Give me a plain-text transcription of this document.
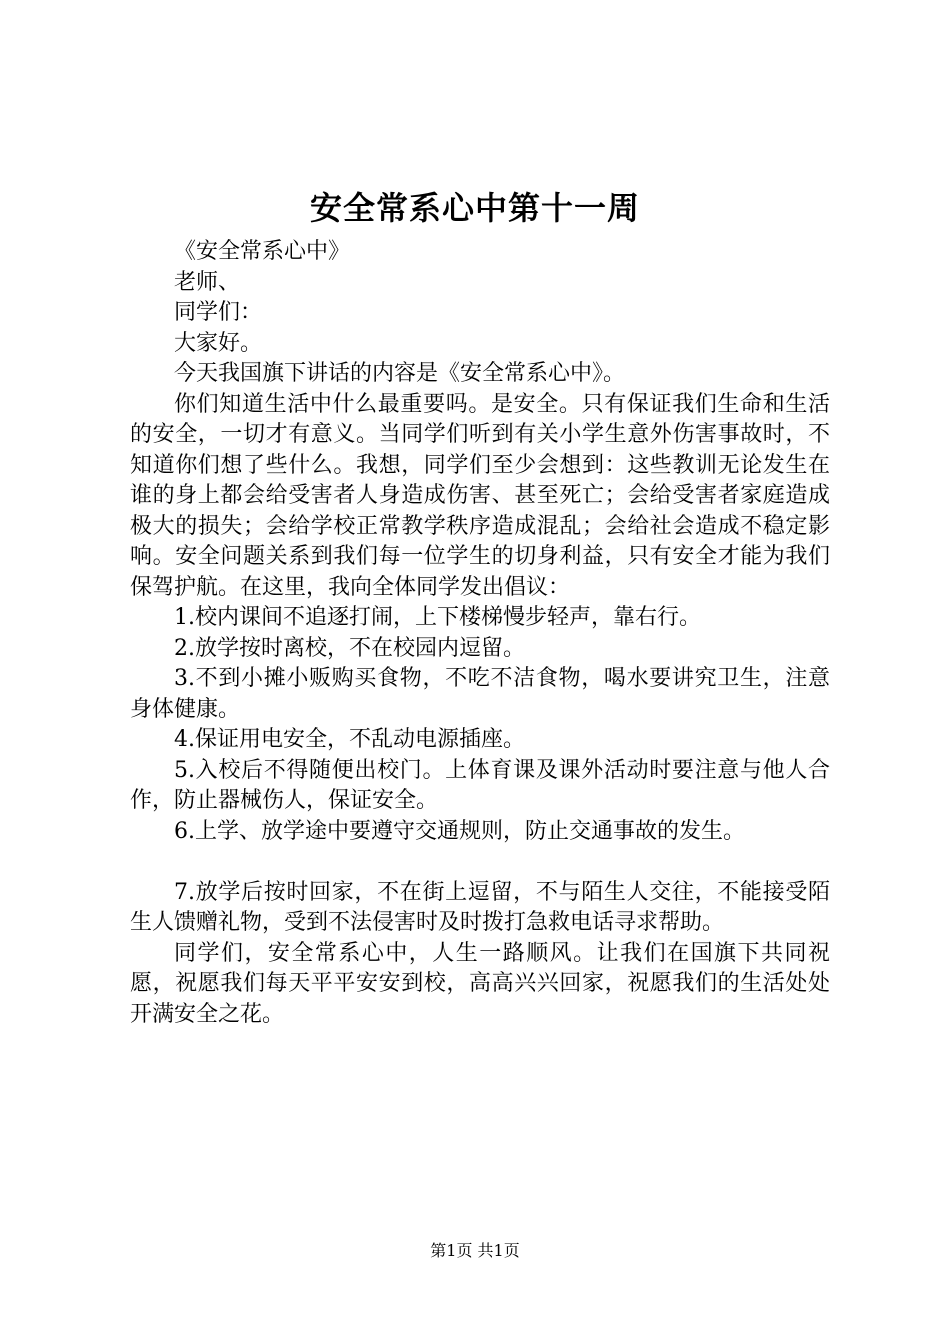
安全常系心中第十一周

《安全常系心中》

老师、

同学们：

大家好。

今天我国旗下讲话的内容是《安全常系心中》。

你们知道生活中什么最重要吗。是安全。只有保证我们生命和生活的安全，一切才有意义。当同学们听到有关小学生意外伤害事故时，不知道你们想了些什么。我想，同学们至少会想到：这些教训无论发生在谁的身上都会给受害者人身造成伤害、甚至死亡；会给受害者家庭造成极大的损失；会给学校正常教学秩序造成混乱；会给社会造成不稳定影响。安全问题关系到我们每一位学生的切身利益，只有安全才能为我们保驾护航。在这里，我向全体同学发出倡议：

1.校内课间不追逐打闹，上下楼梯慢步轻声，靠右行。

2.放学按时离校，不在校园内逗留。

3.不到小摊小贩购买食物，不吃不洁食物，喝水要讲究卫生，注意身体健康。

4.保证用电安全，不乱动电源插座。

5.入校后不得随便出校门。上体育课及课外活动时要注意与他人合作，防止器械伤人，保证安全。

6.上学、放学途中要遵守交通规则，防止交通事故的发生。

7.放学后按时回家，不在街上逗留，不与陌生人交往，不能接受陌生人馈赠礼物，受到不法侵害时及时拨打急救电话寻求帮助。

同学们，安全常系心中，人生一路顺风。让我们在国旗下共同祝愿，祝愿我们每天平平安安到校，高高兴兴回家，祝愿我们的生活处处开满安全之花。

第1页 共1页
